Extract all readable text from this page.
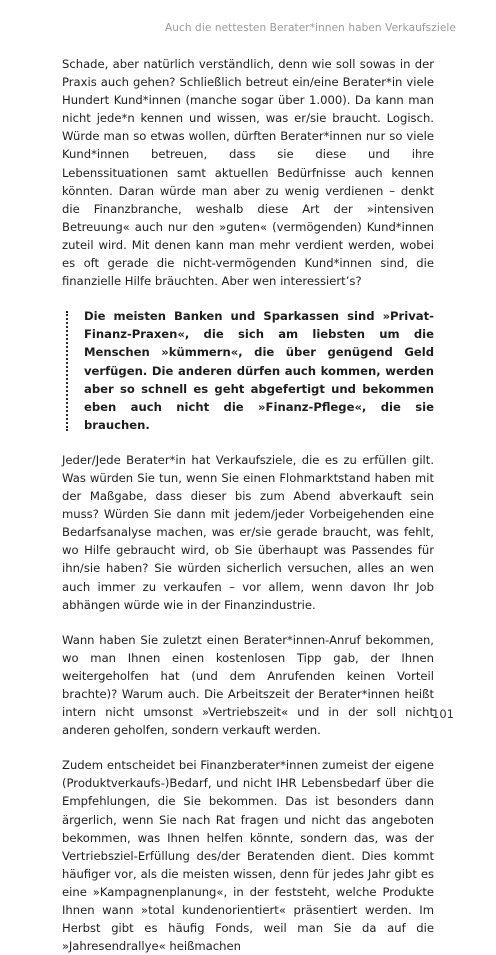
Auch die nettesten Berater*innen haben Verkaufsziele

Schade, aber natürlich verständlich, denn wie soll sowas in der Praxis auch gehen? Schließlich betreut ein/eine Berater*in viele Hundert Kund*innen (manche sogar über 1.000). Da kann man nicht jede*n kennen und wissen, was er/sie braucht. Logisch. Würde man so etwas wollen, dürften Berater*innen nur so viele Kund*innen betreuen, dass sie diese und ihre Lebenssituationen samt aktuellen Bedürfnisse auch kennen könnten. Daran würde man aber zu wenig verdienen – denkt die Finanzbranche, weshalb diese Art der »intensiven Betreuung« auch nur den »guten« (vermögenden) Kund*innen zuteil wird. Mit denen kann man mehr verdient werden, wobei es oft gerade die nicht-vermögenden Kund*innen sind, die finanzielle Hilfe bräuchten. Aber wen interessiert’s?

Die meisten Banken und Sparkassen sind »Privat-Finanz-Praxen«, die sich am liebsten um die Menschen »kümmern«, die über genügend Geld verfügen. Die anderen dürfen auch kommen, werden aber so schnell es geht abgefertigt und bekommen eben auch nicht die »Finanz-Pflege«, die sie brauchen.

Jeder/Jede Berater*in hat Verkaufsziele, die es zu erfüllen gilt. Was würden Sie tun, wenn Sie einen Flohmarktstand haben mit der Maßgabe, dass dieser bis zum Abend abverkauft sein muss? Würden Sie dann mit jedem/jeder Vorbeigehenden eine Bedarfsanalyse machen, was er/sie gerade braucht, was fehlt, wo Hilfe gebraucht wird, ob Sie überhaupt was Passendes für ihn/sie haben? Sie würden sicherlich versuchen, alles an wen auch immer zu verkaufen – vor allem, wenn davon Ihr Job abhängen würde wie in der Finanzindustrie.

Wann haben Sie zuletzt einen Berater*innen-Anruf bekommen, wo man Ihnen einen kostenlosen Tipp gab, der Ihnen weitergeholfen hat (und dem Anrufenden keinen Vorteil brachte)? Warum auch. Die Arbeitszeit der Berater*innen heißt intern nicht umsonst »Vertriebszeit« und in der soll nicht anderen geholfen, sondern verkauft werden.

Zudem entscheidet bei Finanzberater*innen zumeist der eigene (Produktverkaufs-)Bedarf, und nicht IHR Lebensbedarf über die Empfehlungen, die Sie bekommen. Das ist besonders dann ärgerlich, wenn Sie nach Rat fragen und nicht das angeboten bekommen, was Ihnen helfen könnte, sondern das, was der Vertriebsziel-Erfüllung des/der Beratenden dient. Dies kommt häufiger vor, als die meisten wissen, denn für jedes Jahr gibt es eine »Kampagnenplanung«, in der feststeht, welche Produkte Ihnen wann »total kundenorientiert« präsentiert werden. Im Herbst gibt es häufig Fonds, weil man Sie da auf die »Jahresendrallye« heißmachen

101
